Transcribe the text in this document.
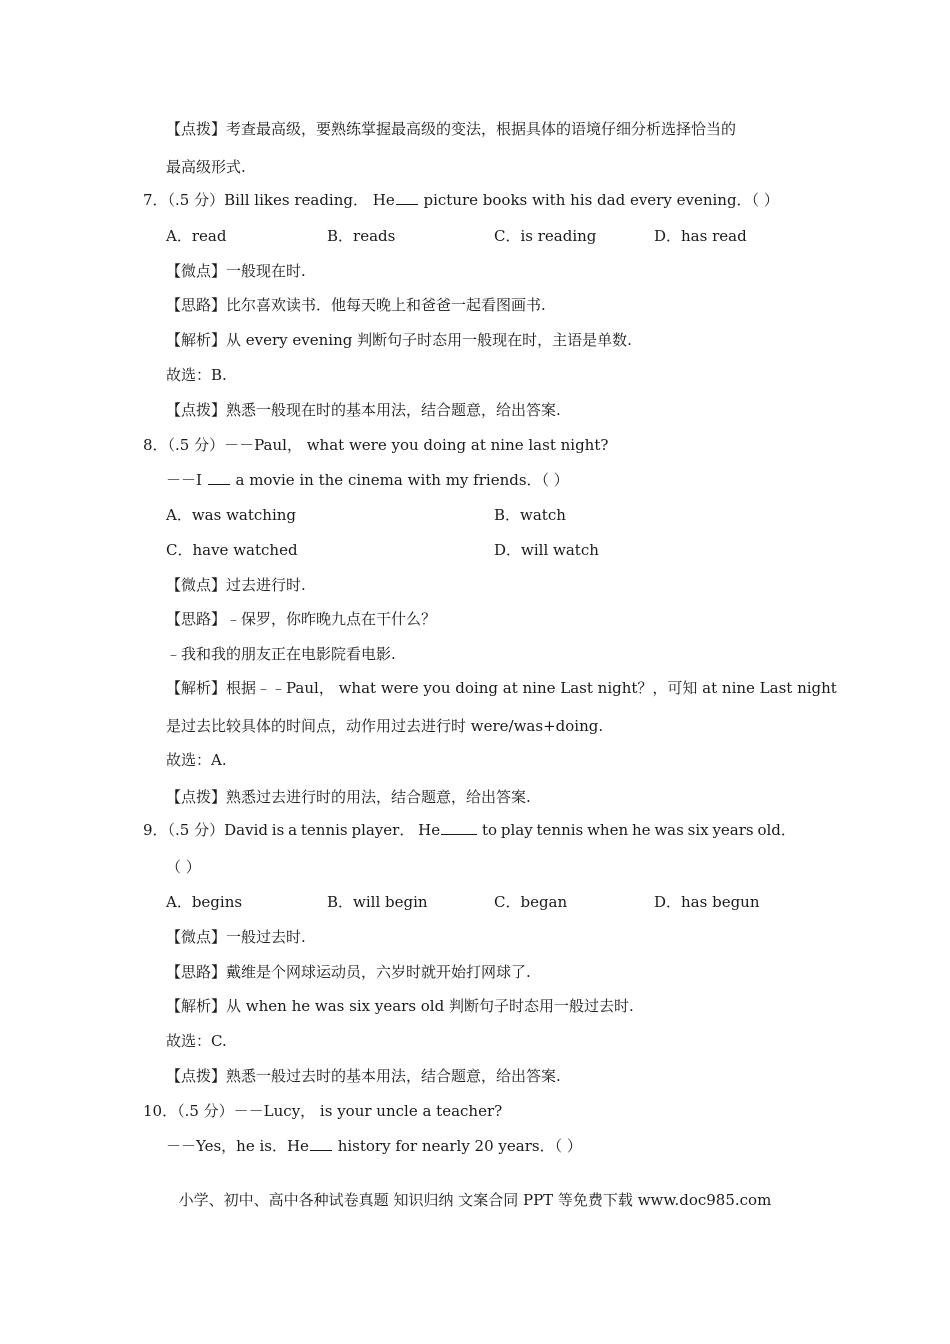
【点拨】考查最高级，要熟练掌握最高级的变法，根据具体的语境仔细分析选择恰当的
最高级形式.
7．（.5 分）Bill likes reading． He picture books with his dad every evening．（ ）
A．read	B．reads	C．is reading	D．has read
【微点】一般现在时.
【思路】比尔喜欢读书．他每天晚上和爸爸一起看图画书.
【解析】从 every evening 判断句子时态用一般现在时，主语是单数.
故选：B.
【点拨】熟悉一般现在时的基本用法，结合题意，给出答案.
8．（.5 分）－－Paul， what were you doing at nine last night?
－－I a movie in the cinema with my friends．（ ）
A．was watching	B．watch
C．have watched	D．will watch
【微点】过去进行时.
【思路】﹣保罗，你昨晚九点在干什么？
﹣我和我的朋友正在电影院看电影.
【解析】根据﹣﹣Paul， what were you doing at nine Last night？，可知 at nine Last night
是过去比较具体的时间点，动作用过去进行时 were/was+doing.
故选：A.
【点拨】熟悉过去进行时的用法，结合题意，给出答案.
9．（.5 分）David is a tennis player． He	to play tennis when he was six years old．
（ ）
A．begins	B．will begin	C．began	D．has begun
【微点】一般过去时.
【思路】戴维是个网球运动员，六岁时就开始打网球了.
【解析】从 when he was six years old 判断句子时态用一般过去时.
故选：C.
【点拨】熟悉一般过去时的基本用法，结合题意，给出答案.
10．（.5 分）－－Lucy， is your uncle a teacher?
－－Yes，he is．He history for nearly 20 years．（ ）
小学、初中、高中各种试卷真题 知识归纳 文案合同 PPT 等免费下载 www.doc985.com
